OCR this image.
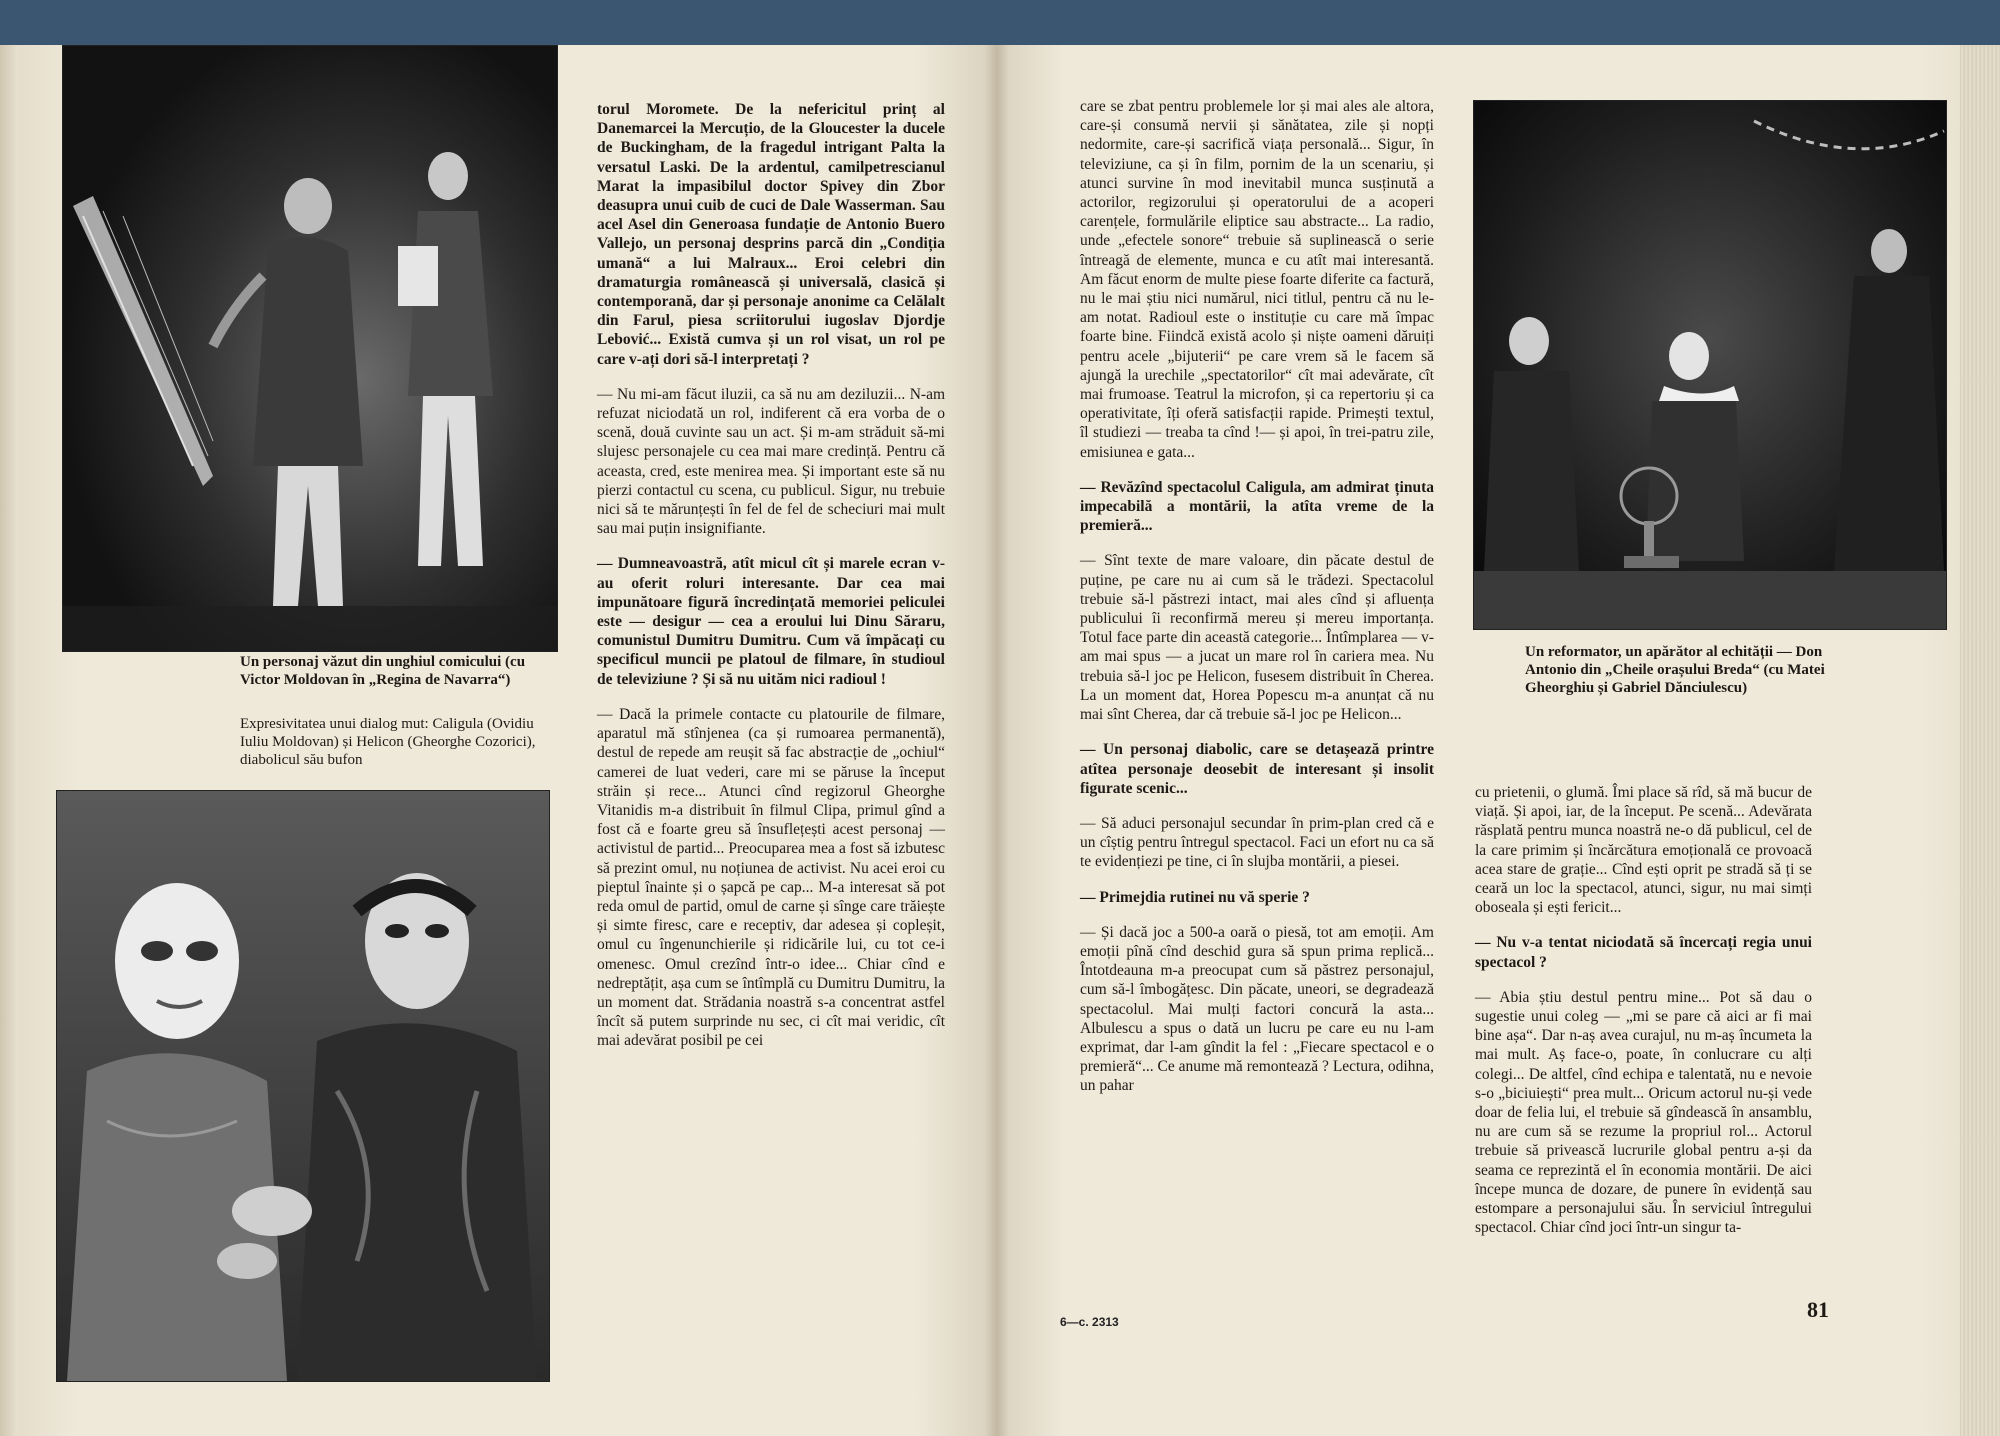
Un personaj văzut din unghiul comicului (cu Victor Moldovan în „Regina de Navarra“)
Expresivitatea unui dialog mut: Caligula (Ovidiu Iuliu Moldovan) și Helicon (Gheorghe Cozorici), diabolicul său bufon

torul Moromete. De la nefericitul prinț al Danemarcei la Mercuțio, de la Gloucester la ducele de Buckingham, de la fragedul intrigant Palta la versatul Laski. De la ardentul, camilpetrescianul Marat la impasibilul doctor Spivey din Zbor deasupra unui cuib de cuci de Dale Wasserman. Sau acel Asel din Generoasa fundație de Antonio Buero Vallejo, un personaj desprins parcă din „Condiția umană“ a lui Malraux... Eroi celebri din dramaturgia românească și universală, clasică și contemporană, dar și personaje anonime ca Celălalt din Farul, piesa scriitorului iugoslav Djordje Lebović... Există cumva și un rol visat, un rol pe care v-ați dori să-l interpretați ?

— Nu mi-am făcut iluzii, ca să nu am deziluzii... N-am refuzat niciodată un rol, indiferent că era vorba de o scenă, două cuvinte sau un act. Și m-am străduit să-mi slujesc personajele cu cea mai mare credință. Pentru că aceasta, cred, este menirea mea. Și important este să nu pierzi contactul cu scena, cu publicul. Sigur, nu trebuie nici să te mărunțești în fel de fel de scheciuri mai mult sau mai puțin insignifiante.

— Dumneavoastră, atît micul cît și marele ecran v-au oferit roluri interesante. Dar cea mai impunătoare figură încredințată memoriei peliculei este — desigur — cea a eroului lui Dinu Săraru, comunistul Dumitru Dumitru. Cum vă împăcați cu specificul muncii pe platoul de filmare, în studioul de televiziune ? Și să nu uităm nici radioul !

— Dacă la primele contacte cu platourile de filmare, aparatul mă stînjenea (ca și rumoarea permanentă), destul de repede am reușit să fac abstracție de „ochiul“ camerei de luat vederi, care mi se păruse la început străin și rece... Atunci cînd regizorul Gheorghe Vitanidis m-a distribuit în filmul Clipa, primul gînd a fost că e foarte greu să însuflețești acest personaj — activistul de partid... Preocuparea mea a fost să izbutesc să prezint omul, nu noțiunea de activist. Nu acei eroi cu pieptul înainte și o șapcă pe cap... M-a interesat să pot reda omul de partid, omul de carne și sînge care trăiește și simte firesc, care e receptiv, dar adesea și copleșit, omul cu îngenunchierile și ridicările lui, cu tot ce-i omenesc. Omul crezînd într-o idee... Chiar cînd e nedreptățit, așa cum se întîmplă cu Dumitru Dumitru, la un moment dat. Strădania noastră s-a concentrat astfel încît să putem surprinde nu sec, ci cît mai veridic, cît mai adevărat posibil pe cei

care se zbat pentru problemele lor și mai ales ale altora, care-și consumă nervii și sănătatea, zile și nopți nedormite, care-și sacrifică viața personală... Sigur, în televiziune, ca și în film, pornim de la un scenariu, și atunci survine în mod inevitabil munca susținută a actorilor, regizorului și operatorului de a acoperi carențele, formulările eliptice sau abstracte... La radio, unde „efectele sonore“ trebuie să suplinească o serie întreagă de elemente, munca e cu atît mai interesantă. Am făcut enorm de multe piese foarte diferite ca factură, nu le mai știu nici numărul, nici titlul, pentru că nu le-am notat. Radioul este o instituție cu care mă împac foarte bine. Fiindcă există acolo și niște oameni dăruiți pentru acele „bijuterii“ pe care vrem să le facem să ajungă la urechile „spectatorilor“ cît mai adevărate, cît mai frumoase. Teatrul la microfon, și ca repertoriu și ca operativitate, îți oferă satisfacții rapide. Primești textul, îl studiezi — treaba ta cînd !— și apoi, în trei-patru zile, emisiunea e gata...

— Revăzînd spectacolul Caligula, am admirat ținuta impecabilă a montării, la atîta vreme de la premieră...

— Sînt texte de mare valoare, din păcate destul de puține, pe care nu ai cum să le trădezi. Spectacolul trebuie să-l păstrezi intact, mai ales cînd și afluența publicului îi reconfirmă mereu și mereu importanța. Totul face parte din această categorie... Întîmplarea — v-am mai spus — a jucat un mare rol în cariera mea. Nu trebuia să-l joc pe Helicon, fusesem distribuit în Cherea. La un moment dat, Horea Popescu m-a anunțat că nu mai sînt Cherea, dar că trebuie să-l joc pe Helicon...

— Un personaj diabolic, care se detașează printre atîtea personaje deosebit de interesant și insolit figurate scenic...

— Să aduci personajul secundar în prim-plan cred că e un cîștig pentru întregul spectacol. Faci un efort nu ca să te evidențiezi pe tine, ci în slujba montării, a piesei.

— Primejdia rutinei nu vă sperie ?

— Și dacă joc a 500-a oară o piesă, tot am emoții. Am emoții pînă cînd deschid gura să spun prima replică... Întotdeauna m-a preocupat cum să păstrez personajul, cum să-l îmbogățesc. Din păcate, uneori, se degradează spectacolul. Mai mulți factori concură la asta... Albulescu a spus o dată un lucru pe care eu nu l-am exprimat, dar l-am gîndit la fel : „Fiecare spectacol e o premieră“... Ce anume mă remontează ? Lectura, odihna, un pahar

Un reformator, un apărător al echității — Don Antonio din „Cheile orașului Breda“ (cu Matei Gheorghiu și Gabriel Dănciulescu)

cu prietenii, o glumă. Îmi place să rîd, să mă bucur de viață. Și apoi, iar, de la început. Pe scenă... Adevărata răsplată pentru munca noastră ne-o dă publicul, cel de la care primim și încărcătura emoțională ce provoacă acea stare de grație... Cînd ești oprit pe stradă să ți se ceară un loc la spectacol, atunci, sigur, nu mai simți oboseala și ești fericit...

— Nu v-a tentat niciodată să încercați regia unui spectacol ?

— Abia știu destul pentru mine... Pot să dau o sugestie unui coleg — „mi se pare că aici ar fi mai bine așa“. Dar n-aș avea curajul, nu m-aș încumeta la mai mult. Aș face-o, poate, în conlucrare cu alți colegi... De altfel, cînd echipa e talentată, nu e nevoie s-o „biciuiești“ prea mult... Oricum actorul nu-și vede doar de felia lui, el trebuie să gîndească în ansamblu, nu are cum să se rezume la propriul rol... Actorul trebuie să privească lucrurile global pentru a-și da seama ce reprezintă el în economia montării. De aici începe munca de dozare, de punere în evidență sau estompare a personajului său. În serviciul întregului spectacol. Chiar cînd joci într-un singur ta-

6—c. 2313	81
